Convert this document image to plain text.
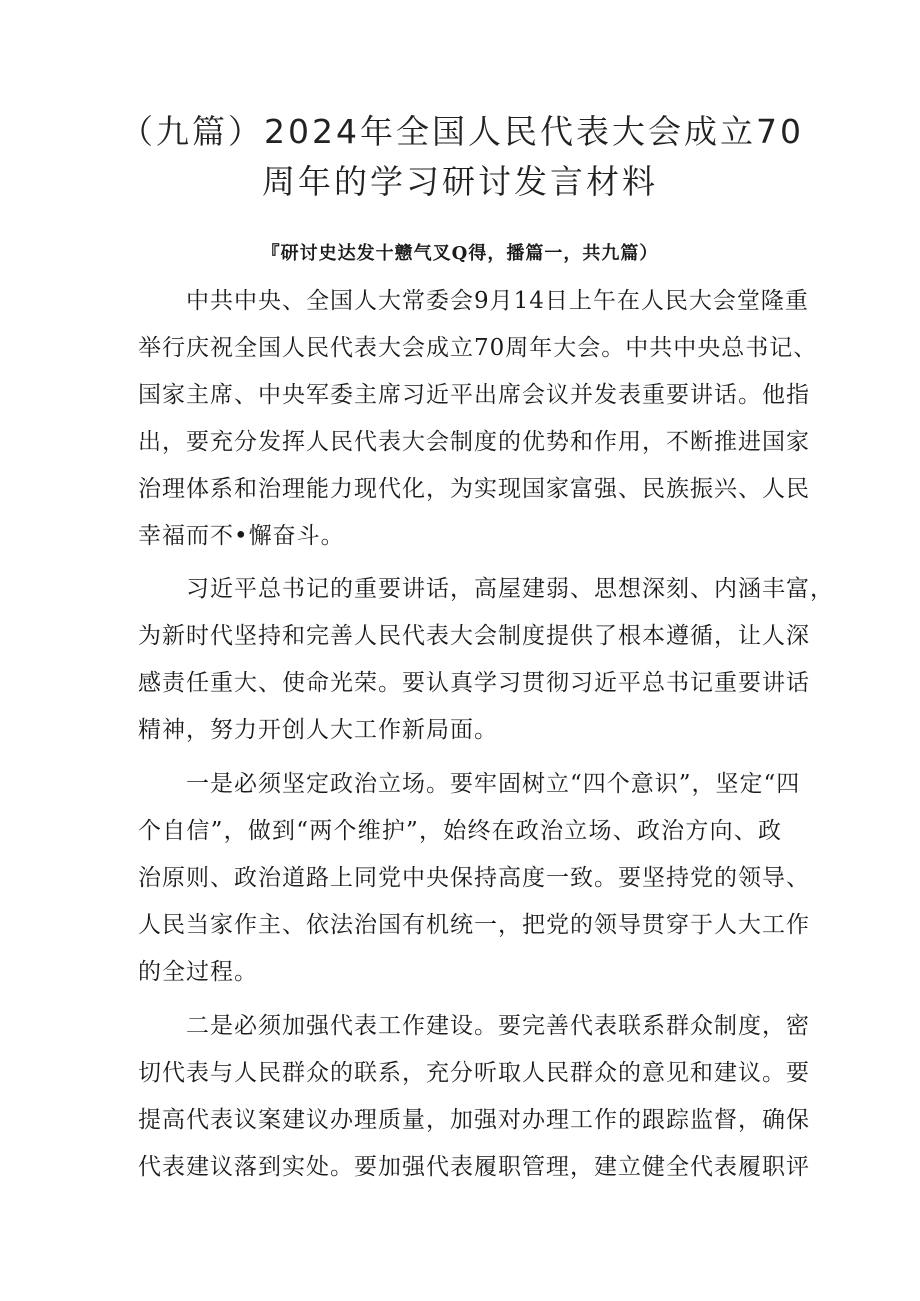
（九篇）2024年全国人民代表大会成立70
周年的学习研讨发言材料
『研讨史达发十戆气叉Q得，播篇一，共九篇）
中共中央、全国人大常委会9月14日上午在人民大会堂隆重
举行庆祝全国人民代表大会成立70周年大会。中共中央总书记、
国家主席、中央军委主席习近平出席会议并发表重要讲话。他指
出，要充分发挥人民代表大会制度的优势和作用，不断推进国家
治理体系和治理能力现代化，为实现国家富强、民族振兴、人民
幸福而不•懈奋斗。
习近平总书记的重要讲话，高屋建弱、思想深刻、内涵丰富，
为新时代坚持和完善人民代表大会制度提供了根本遵循，让人深
感责任重大、使命光荣。要认真学习贯彻习近平总书记重要讲话
精神，努力开创人大工作新局面。
一是必须坚定政治立场。要牢固树立“四个意识”，坚定“四
个自信”，做到“两个维护”，始终在政治立场、政治方向、政
治原则、政治道路上同党中央保持高度一致。要坚持党的领导、
人民当家作主、依法治国有机统一，把党的领导贯穿于人大工作
的全过程。
二是必须加强代表工作建设。要完善代表联系群众制度，密
切代表与人民群众的联系，充分听取人民群众的意见和建议。要
提高代表议案建议办理质量，加强对办理工作的跟踪监督，确保
代表建议落到实处。要加强代表履职管理，建立健全代表履职评
